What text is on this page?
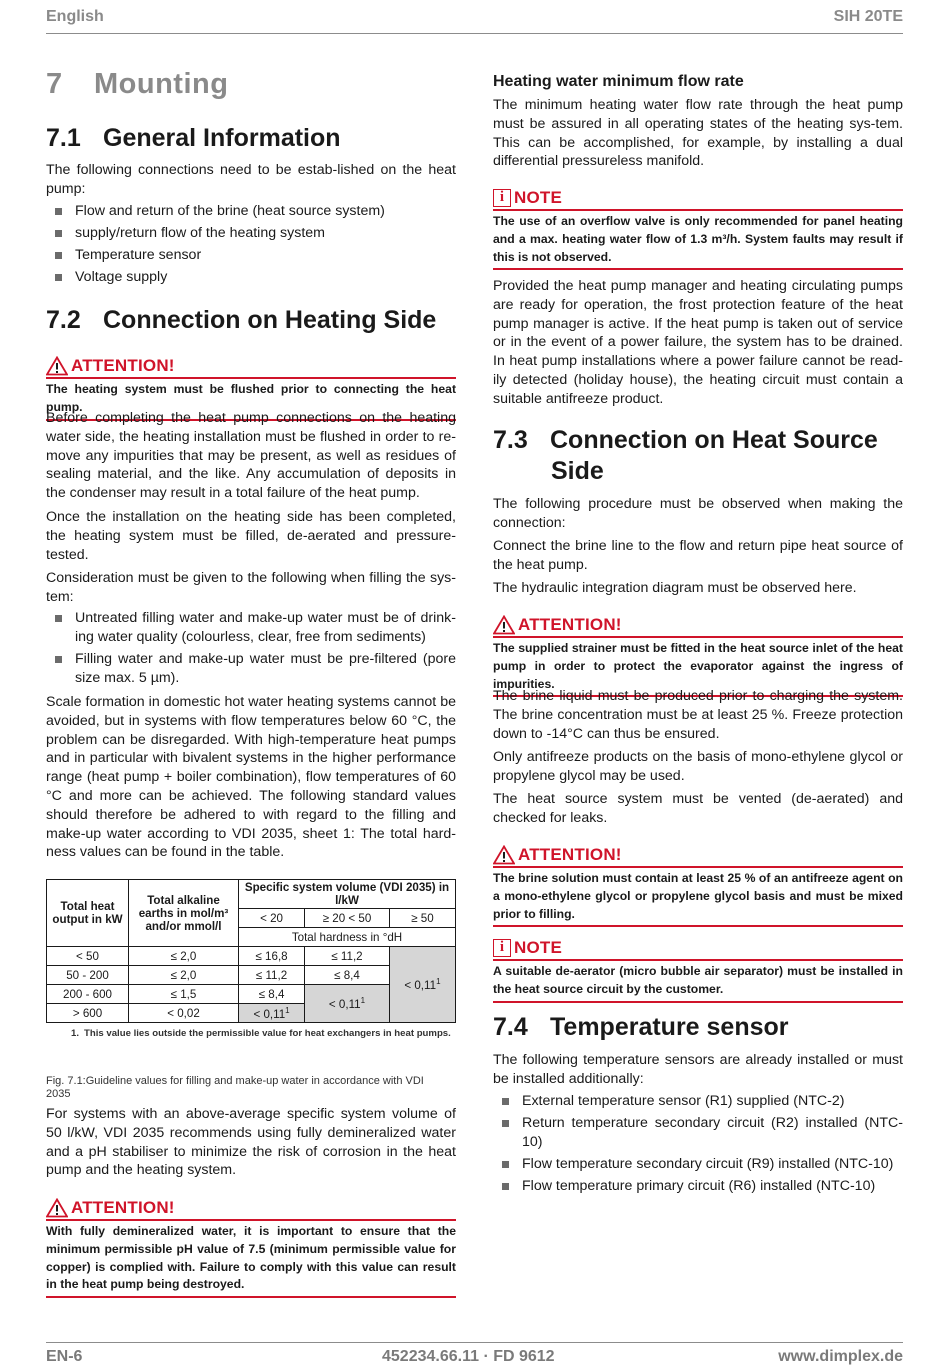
English	SIH 20TE
7 Mounting
7.1 General Information
The following connections need to be estab-lished on the heat pump:
Flow and return of the brine (heat source system)
supply/return flow of the heating system
Temperature sensor
Voltage supply
7.2 Connection on Heating Side
ATTENTION!
The heating system must be flushed prior to connecting the heat pump.
Before completing the heat pump connections on the heating water side, the heating installation must be flushed in order to re-move any impurities that may be present, as well as residues of sealing material, and the like. Any accumulation of deposits in the condenser may result in a total failure of the heat pump.
Once the installation on the heating side has been completed, the heating system must be filled, de-aerated and pressure-tested.
Consideration must be given to the following when filling the sys-tem:
Untreated filling water and make-up water must be of drink-ing water quality (colourless, clear, free from sediments)
Filling water and make-up water must be pre-filtered (pore size max. 5 µm).
Scale formation in domestic hot water heating systems cannot be avoided, but in systems with flow temperatures below 60 °C, the problem can be disregarded. With high-temperature heat pumps and in particular with bivalent systems in the higher performance range (heat pump + boiler combination), flow temperatures of 60 °C and more can be achieved. The following standard values should therefore be adhered to with regard to the filling and make-up water according to VDI 2035, sheet 1: The total hard-ness values can be found in the table.
Total heat output in kW	Total alkaline earths in mol/m³ and/or mmol/l	Specific system volume (VDI 2035) in l/kW		
		< 20	≥ 20 < 50	≥ 50
		Total hardness in °dH		
< 50	≤ 2,0	≤ 16,8	≤ 11,2	< $0,11^1$
50 - 200	≤ 2,0	≤ 11,2	≤ 8,4	
200 - 600	≤ 1,5	≤ 8,4	< $0,11^1$
> 600	< 0,02	< $0,11^1$
1. This value lies outside the permissible value for heat exchangers in heat pumps.
Fig. 7.1:Guideline values for filling and make-up water in accordance with VDI 2035
For systems with an above-average specific system volume of 50 l/kW, VDI 2035 recommends using fully demineralized water and a pH stabiliser to minimize the risk of corrosion in the heat pump and the heating system.
ATTENTION!
With fully demineralized water, it is important to ensure that the minimum permissible pH value of 7.5 (minimum permissible value for copper) is complied with. Failure to comply with this value can result in the heat pump being destroyed.
Heating water minimum flow rate
The minimum heating water flow rate through the heat pump must be assured in all operating states of the heating sys-tem. This can be accomplished, for example, by installing a dual differential pressureless manifold.
i NOTE
The use of an overflow valve is only recommended for panel heating and a max. heating water flow of 1.3 m³/h. System faults may result if this is not observed.
Provided the heat pump manager and heating circulating pumps are ready for operation, the frost protection feature of the heat pump manager is active. If the heat pump is taken out of service or in the event of a power failure, the system has to be drained. In heat pump installations where a power failure cannot be read-ily detected (holiday house), the heating circuit must contain a suitable antifreeze product.
7.3 Connection on Heat Source
Side
The following procedure must be observed when making the connection:
Connect the brine line to the flow and return pipe heat source of the heat pump.
The hydraulic integration diagram must be observed here.
ATTENTION!
The supplied strainer must be fitted in the heat source inlet of the heat pump in order to protect the evaporator against the ingress of impurities.
The brine liquid must be produced prior to charging the system. The brine concentration must be at least 25 %. Freeze protection down to -14°C can thus be ensured.
Only antifreeze products on the basis of mono-ethylene glycol or propylene glycol may be used.
The heat source system must be vented (de-aerated) and checked for leaks.
ATTENTION!
The brine solution must contain at least 25 % of an antifreeze agent on a mono-ethylene glycol or propylene glycol basis and must be mixed prior to filling.
i NOTE
A suitable de-aerator (micro bubble air separator) must be installed in the heat source circuit by the customer.
7.4 Temperature sensor
The following temperature sensors are already installed or must be installed additionally:
External temperature sensor (R1) supplied (NTC-2)
Return temperature secondary circuit (R2) installed (NTC-10)
Flow temperature secondary circuit (R9) installed (NTC-10)
Flow temperature primary circuit (R6) installed (NTC-10)
EN-6	452234.66.11 · FD 9612	www.dimplex.de
